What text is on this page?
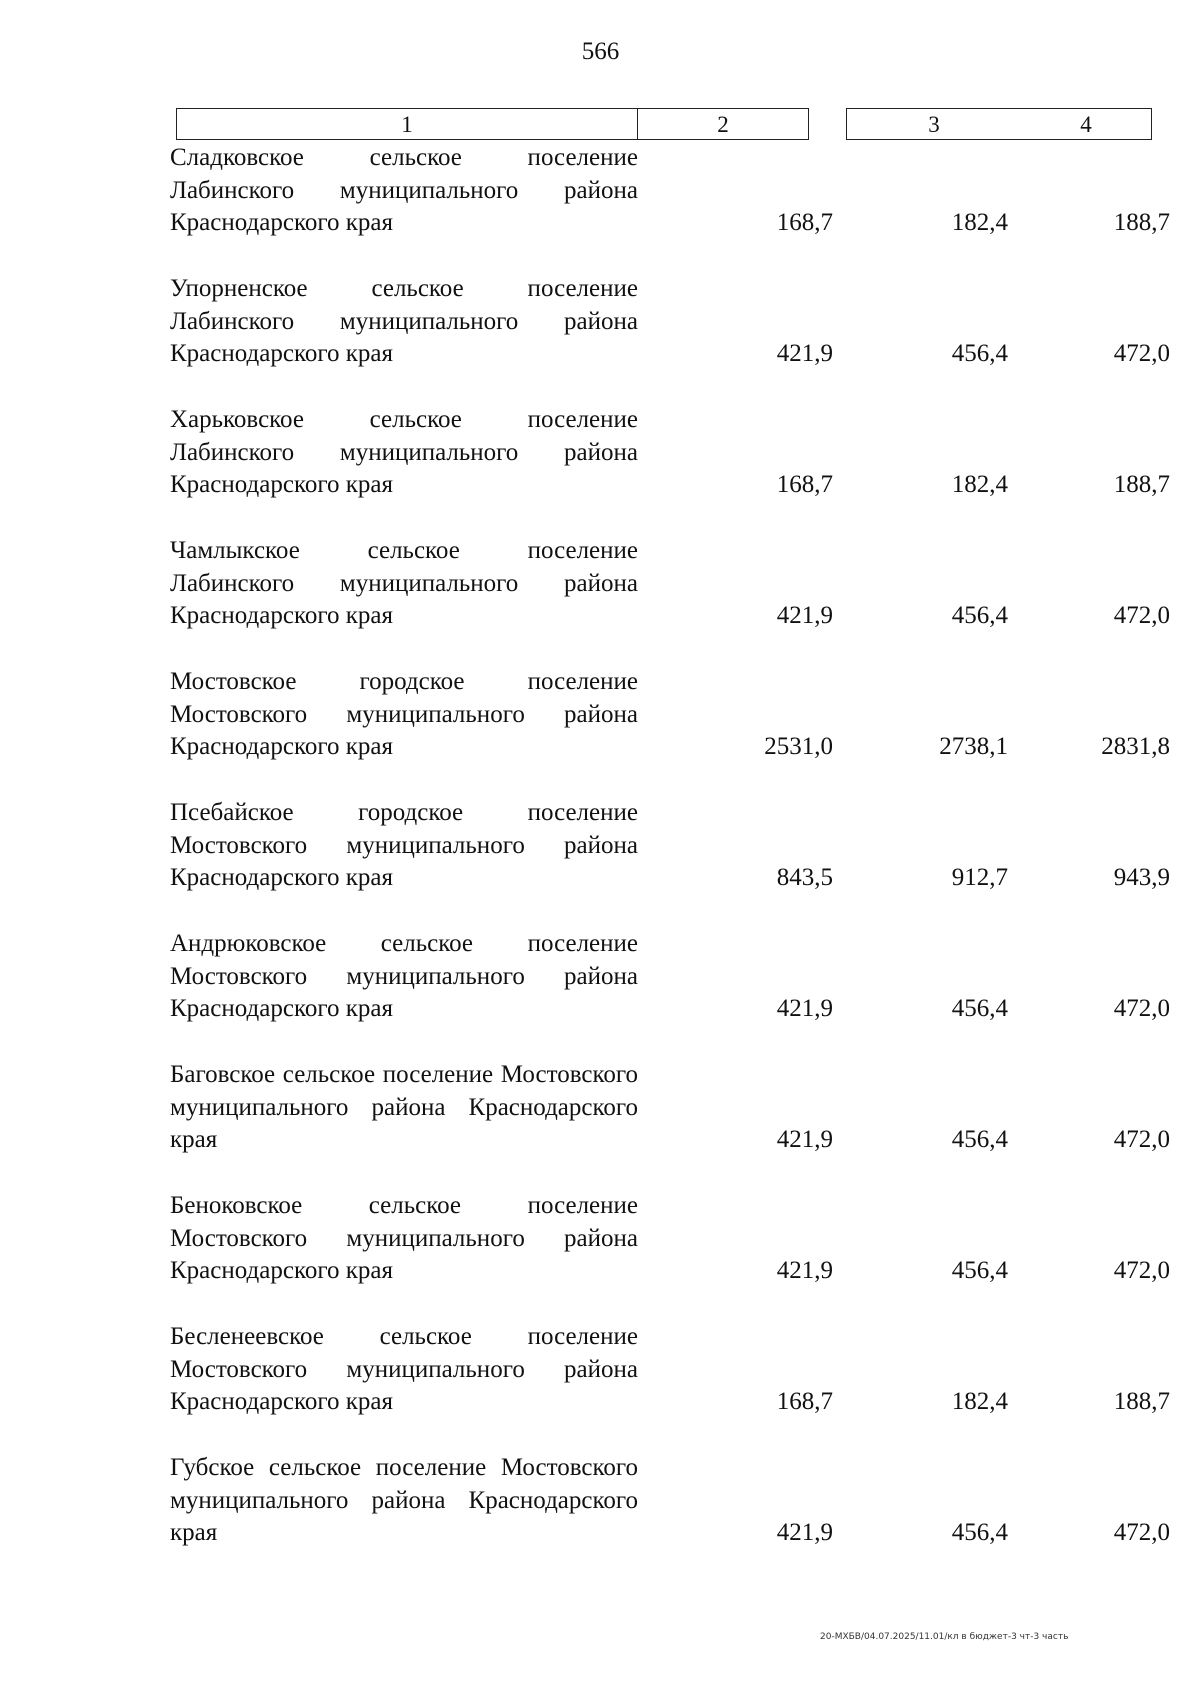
566
1	2	3	4
Сладковское сельское поселение Лабинского муниципального района Краснодарского края	168,7	182,4	188,7
Упорненское сельское поселение Лабинского муниципального района Краснодарского края	421,9	456,4	472,0
Харьковское сельское поселение Лабинского муниципального района Краснодарского края	168,7	182,4	188,7
Чамлыкское сельское поселение Лабинского муниципального района Краснодарского края	421,9	456,4	472,0
Мостовское городское поселение Мостовского муниципального района Краснодарского края	2531,0	2738,1	2831,8
Псебайское городское поселение Мостовского муниципального района Краснодарского края	843,5	912,7	943,9
Андрюковское сельское поселение Мостовского муниципального района Краснодарского края	421,9	456,4	472,0
Баговское сельское поселение Мостовского муниципального района Краснодарского края	421,9	456,4	472,0
Беноковское сельское поселение Мостовского муниципального района Краснодарского края	421,9	456,4	472,0
Бесленеевское сельское поселение Мостовского муниципального района Краснодарского края	168,7	182,4	188,7
Губское сельское поселение Мостовского муниципального района Краснодарского края	421,9	456,4	472,0
20-МХБВ/04.07.2025/11.01/кл в бюджет-3 чт-3 часть
